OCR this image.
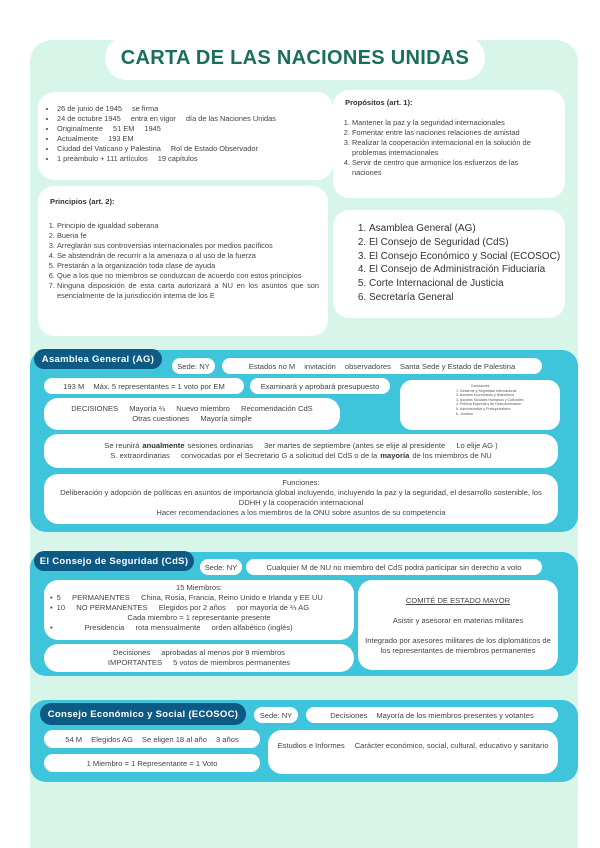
CARTA DE LAS NACIONES UNIDAS
• 26 de junio de 1945 se firma
• 24 de octubre 1945 entra en vigor día de las Naciones Unidas
• Originalmente 51 EM 1945
• Actualmente 193 EM
• Ciudad del Vaticano y Palestina Rol de Estado Observador
• 1 preámbulo + 111 artículos 19 capítulos
Propósitos (art. 1):
1. Mantener la paz y la seguridad internacionales
2. Fomentar entre las naciones relaciones de amistad
3. Realizar la cooperación internacional en la solución de problemas internacionales
4. Servir de centro que armonice los esfuerzos de las naciones
Principios (art. 2):
1. Principio de igualdad soberana
2. Buena fe
3. Arreglarán sus controversias internacionales por medios pacíficos
4. Se abstendrán de recurrir a la amenaza o al uso de la fuerza
5. Prestarán a la organización toda clase de ayuda
6. Que a los que no miembros se conduzcan de acuerdo con estos principios
7. Ninguna disposición de esta carta autorizará a NU en los asuntos que son esencialmente de la jurisdicción interna de los E
1. Asamblea General (AG)
2. El Consejo de Seguridad (CdS)
3. El Consejo Económico y Social (ECOSOC)
4. El Consejo de Administración Fiduciaria
5. Corte Internacional de Justicia
6. Secretaría General
Asamblea General (AG)
Sede: NY	Estados no M invitación observadores Santa Sede y Estado de Palestina
193 M Máx. 5 representantes = 1 voto por EM	Examinará y aprobará presupuesto	Comisiones
1. Desarme y Seguridad Internacional
2. Asuntos económicos y financieros
3. Asuntos Sociales Humanos y Culturales
4. Política Especial y de Descolonización
5. Administrativa y Presupuestaria
6. Jurídica
DECISIONES Mayoría ⅔ Nuevo miembro Recomendación CdS
Otras cuestiones Mayoría simple
Se reunirá anualmente sesiones ordinarias 3er martes de septiembre (antes se elije al presidente Lo elije AG )
S. extraordinarias convocadas por el Secretario G a solicitud del CdS o de la mayoría de los miembros de NU
Funciones:
Deliberación y adopción de políticas en asuntos de importancia global incluyendo, incluyendo la paz y la seguridad, el desarrollo sostenible, los DDHH y la cooperación internacional
Hacer recomendaciones a los miembros de la ONU sobre asuntos de su competencia
El Consejo de Seguridad (CdS)
Sede: NY	Cualquier M de NU no miembro del CdS podrá participar sin derecho a voto
15 Miembros:
• 5 PERMANENTES China, Rusia, Francia, Reino Unido e Irlanda y EE UU
• 10 NO PERMANENTES Elegidos por 2 años por mayoría de ⅔ AG
Cada miembro = 1 representante presente
•	Presidencia rota mensualmente orden alfabético (inglés)
Decisiones aprobadas al menos por 9 miembros
IMPORTANTES 5 votos de miembros permanentes
COMITÉ DE ESTADO MAYOR
Asistir y asesorar en materias militares
Integrado por asesores militares de los diplomáticos de los representantes de miembros permanentes
Consejo Económico y Social (ECOSOC)	Sede: NY	Decisiones Mayoría de los miembros presentes y votantes
54 M Elegidos AG Se eligen 18 al año 3 años
Estudios e Informes Carácter económico, social, cultural, educativo y sanitario
1 Miembro = 1 Representante = 1 Voto
